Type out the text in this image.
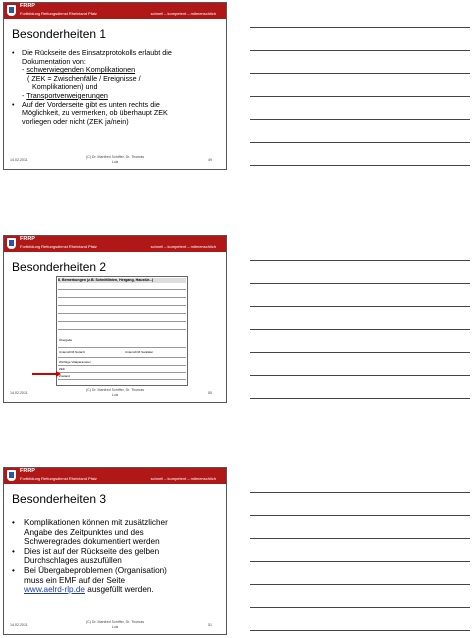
FRRP
Fortbildung Rettungsdienst Rheinland Pfalz	schnell – kompetent – mitmenschlich
Besonderheiten 1
• Die Rückseite des Einsatzprotokolls erlaubt die
Dokumentation von:
- schwerwiegenden Komplikationen
( ZEK = Zwischenfälle / Ereignisse /
Komplikationen) und
- Transportverweigerungen
• Auf der Vorderseite gibt es unten rechts die
Möglichkeit, zu vermerken, ob überhaupt ZEK
vorliegen oder nicht (ZEK ja/nein)
14.02.2011
(C) Dr. Manfred Schiffer, Dr. Thomas
Luiz	49
FRRP
Fortbildung Rettungsdienst Rheinland Pfalz	schnell – kompetent – mitmenschlich
Besonderheiten 2
8. Bemerkungen (z.B. Schnittlinien, Hergang, Haustür...)
Übergabe
Unterschrift Notarzt	Unterschrift Sanitäter
Wichtige Vitalparameter
ZEK
Zustand
14.02.2011
(C) Dr. Manfred Schiffer, Dr. Thomas
Luiz	50
FRRP
Fortbildung Rettungsdienst Rheinland Pfalz	schnell – kompetent – mitmenschlich
Besonderheiten 3
• Komplikationen können mit zusätzlicher
Angabe des Zeitpunktes und des
Schweregrades dokumentiert werden
• Dies ist auf der Rückseite des gelben
Durchschlages auszufüllen
• Bei Übergabeproblemen (Organisation)
muss ein EMF auf der Seite
www.aelrd-rlp.de ausgefüllt werden.
14.02.2011
(C) Dr. Manfred Schiffer, Dr. Thomas
Luiz	51
